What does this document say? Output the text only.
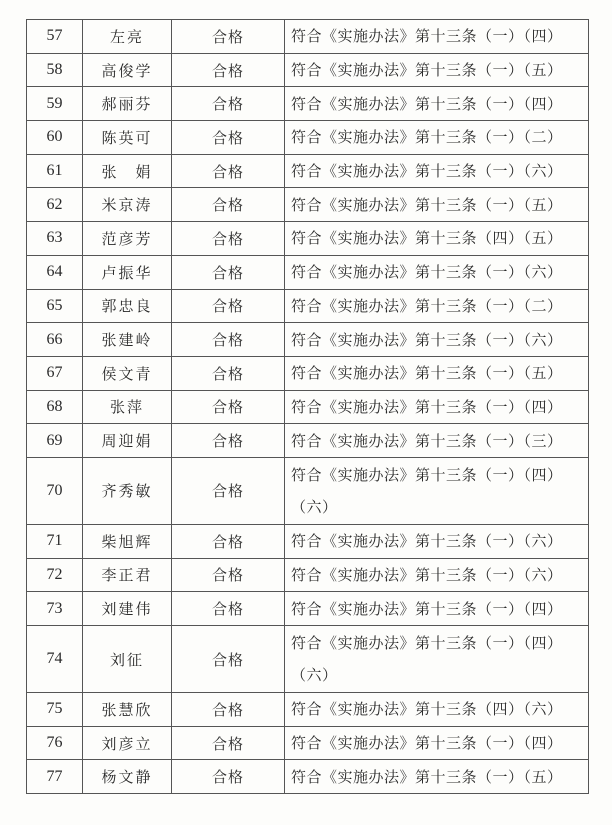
57	左亮	合格	符合《实施办法》第十三条（一）（四）
58	高俊学	合格	符合《实施办法》第十三条（一）（五）
59	郝丽芬	合格	符合《实施办法》第十三条（一）（四）
60	陈英可	合格	符合《实施办法》第十三条（一）（二）
61	张　娟	合格	符合《实施办法》第十三条（一）（六）
62	米京涛	合格	符合《实施办法》第十三条（一）（五）
63	范彦芳	合格	符合《实施办法》第十三条（四）（五）
64	卢振华	合格	符合《实施办法》第十三条（一）（六）
65	郭忠良	合格	符合《实施办法》第十三条（一）（二）
66	张建岭	合格	符合《实施办法》第十三条（一）（六）
67	侯文青	合格	符合《实施办法》第十三条（一）（五）
68	张萍	合格	符合《实施办法》第十三条（一）（四）
69	周迎娟	合格	符合《实施办法》第十三条（一）（三）
70	齐秀敏	合格	符合《实施办法》第十三条（一）（四）（六）
71	柴旭辉	合格	符合《实施办法》第十三条（一）（六）
72	李正君	合格	符合《实施办法》第十三条（一）（六）
73	刘建伟	合格	符合《实施办法》第十三条（一）（四）
74	刘征	合格	符合《实施办法》第十三条（一）（四）（六）
75	张慧欣	合格	符合《实施办法》第十三条（四）（六）
76	刘彦立	合格	符合《实施办法》第十三条（一）（四）
77	杨文静	合格	符合《实施办法》第十三条（一）（五）
